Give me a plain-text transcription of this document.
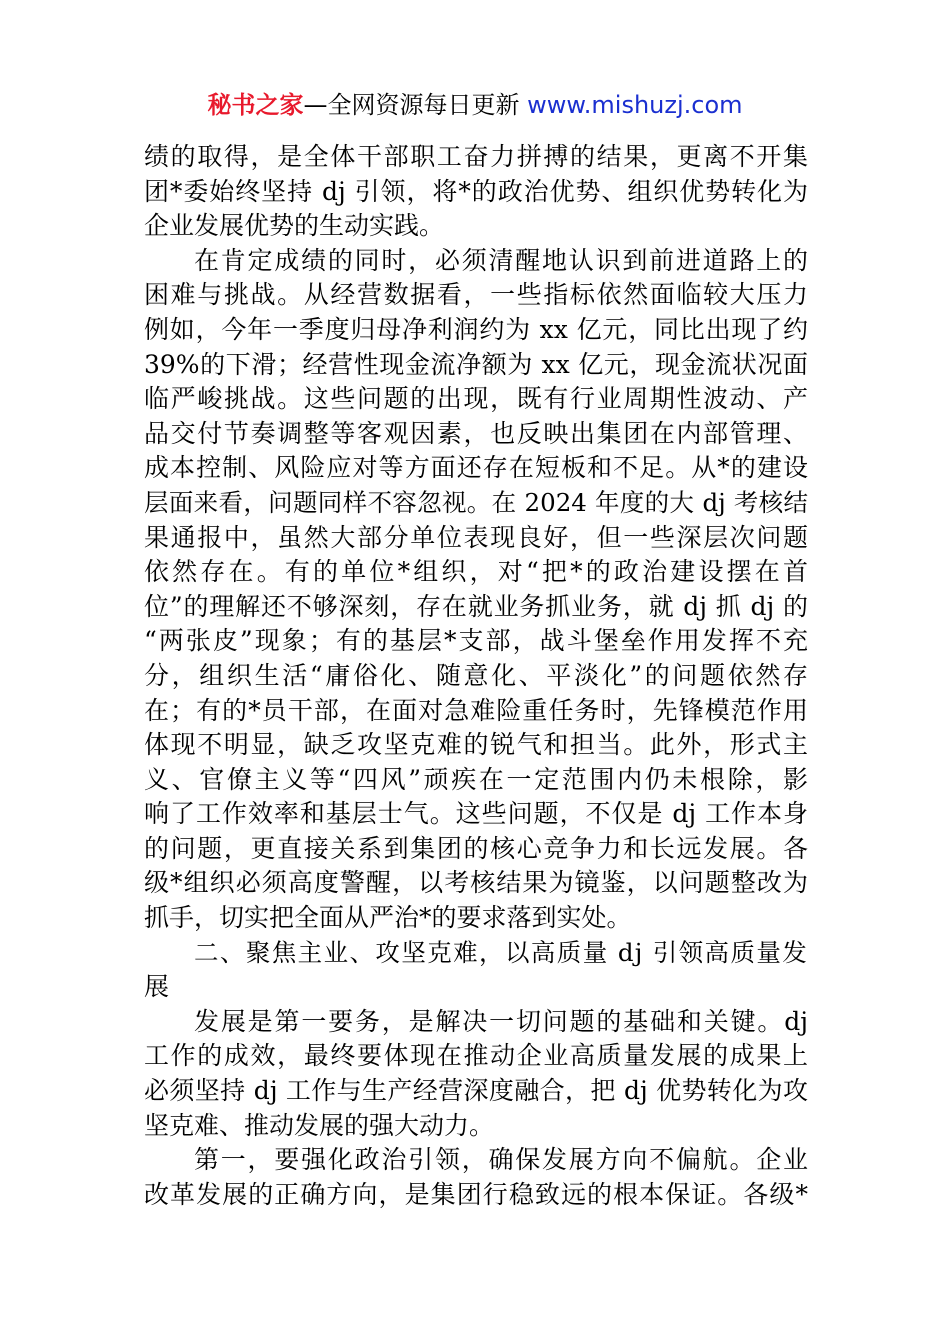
秘书之家—全网资源每日更新 www.mishuzj.com
绩的取得，是全体干部职工奋力拼搏的结果，更离不开集
团*委始终坚持 dj 引领，将*的政治优势、组织优势转化为
企业发展优势的生动实践。
在肯定成绩的同时，必须清醒地认识到前进道路上的
困难与挑战。从经营数据看，一些指标依然面临较大压力
例如，今年一季度归母净利润约为 xx 亿元，同比出现了约
39%的下滑；经营性现金流净额为 xx 亿元，现金流状况面
临严峻挑战。这些问题的出现，既有行业周期性波动、产
品交付节奏调整等客观因素，也反映出集团在内部管理、
成本控制、风险应对等方面还存在短板和不足。从*的建设
层面来看，问题同样不容忽视。在 2024 年度的大 dj 考核结
果通报中，虽然大部分单位表现良好，但一些深层次问题
依然存在。有的单位*组织，对“把*的政治建设摆在首
位”的理解还不够深刻，存在就业务抓业务，就 dj 抓 dj 的
“两张皮”现象；有的基层*支部，战斗堡垒作用发挥不充
分，组织生活“庸俗化、随意化、平淡化”的问题依然存
在；有的*员干部，在面对急难险重任务时，先锋模范作用
体现不明显，缺乏攻坚克难的锐气和担当。此外，形式主
义、官僚主义等“四风”顽疾在一定范围内仍未根除，影
响了工作效率和基层士气。这些问题，不仅是 dj 工作本身
的问题，更直接关系到集团的核心竞争力和长远发展。各
级*组织必须高度警醒，以考核结果为镜鉴，以问题整改为
抓手，切实把全面从严治*的要求落到实处。
二、聚焦主业、攻坚克难，以高质量 dj 引领高质量发
展
发展是第一要务，是解决一切问题的基础和关键。dj
工作的成效，最终要体现在推动企业高质量发展的成果上
必须坚持 dj 工作与生产经营深度融合，把 dj 优势转化为攻
坚克难、推动发展的强大动力。
第一，要强化政治引领，确保发展方向不偏航。企业
改革发展的正确方向，是集团行稳致远的根本保证。各级*
